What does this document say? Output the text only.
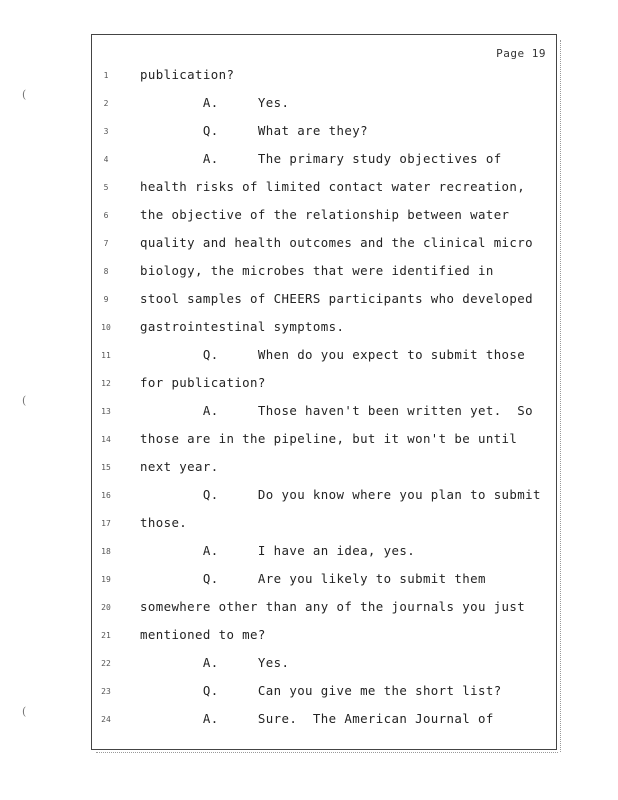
Page 19
(
(
(
1	publication?
2	A.     Yes.
3	Q.     What are they?
4	A.     The primary study objectives of
5	health risks of limited contact water recreation,
6	the objective of the relationship between water
7	quality and health outcomes and the clinical micro
8	biology, the microbes that were identified in
9	stool samples of CHEERS participants who developed
10	gastrointestinal symptoms.
11	Q.     When do you expect to submit those
12	for publication?
13	A.     Those haven't been written yet.  So
14	those are in the pipeline, but it won't be until
15	next year.
16	Q.     Do you know where you plan to submit
17	those.
18	A.     I have an idea, yes.
19	Q.     Are you likely to submit them
20	somewhere other than any of the journals you just
21	mentioned to me?
22	A.     Yes.
23	Q.     Can you give me the short list?
24	A.     Sure.  The American Journal of
